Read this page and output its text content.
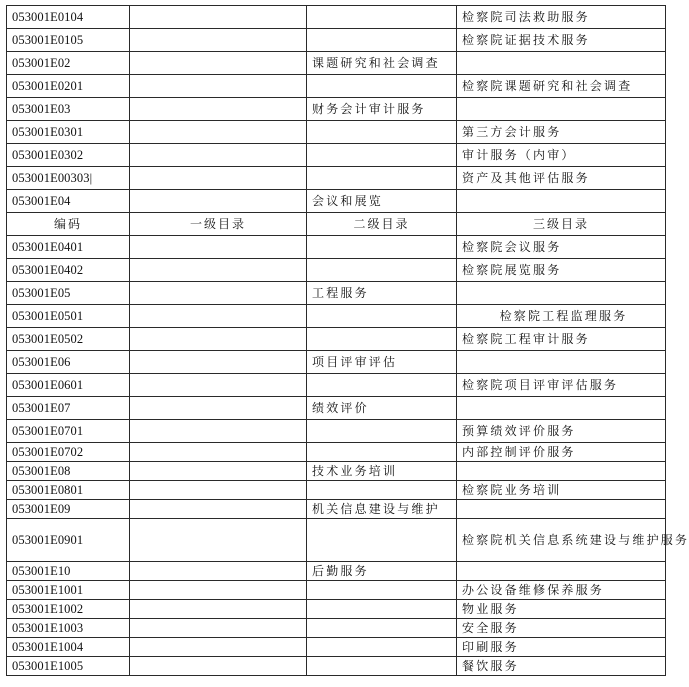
053001E0104			检察院司法救助服务
053001E0105			检察院证据技术服务
053001E02		课题研究和社会调查	
053001E0201			检察院课题研究和社会调查
053001E03		财务会计审计服务	
053001E0301			第三方会计服务
053001E0302			审计服务（内审）
053001E00303|			资产及其他评估服务
053001E04		会议和展览	
编码	一级目录	二级目录	三级目录
053001E0401			检察院会议服务
053001E0402			检察院展览服务
053001E05		工程服务	
053001E0501			检察院工程监理服务
053001E0502			检察院工程审计服务
053001E06		项目评审评估	
053001E0601			检察院项目评审评估服务
053001E07		绩效评价	
053001E0701			预算绩效评价服务
053001E0702			内部控制评价服务
053001E08		技术业务培训	
053001E0801			检察院业务培训
053001E09		机关信息建设与维护	
053001E0901			检察院机关信息系统建设与维护服务
053001E10		后勤服务	
053001E1001			办公设备维修保养服务
053001E1002			物业服务
053001E1003			安全服务
053001E1004			印刷服务
053001E1005			餐饮服务
